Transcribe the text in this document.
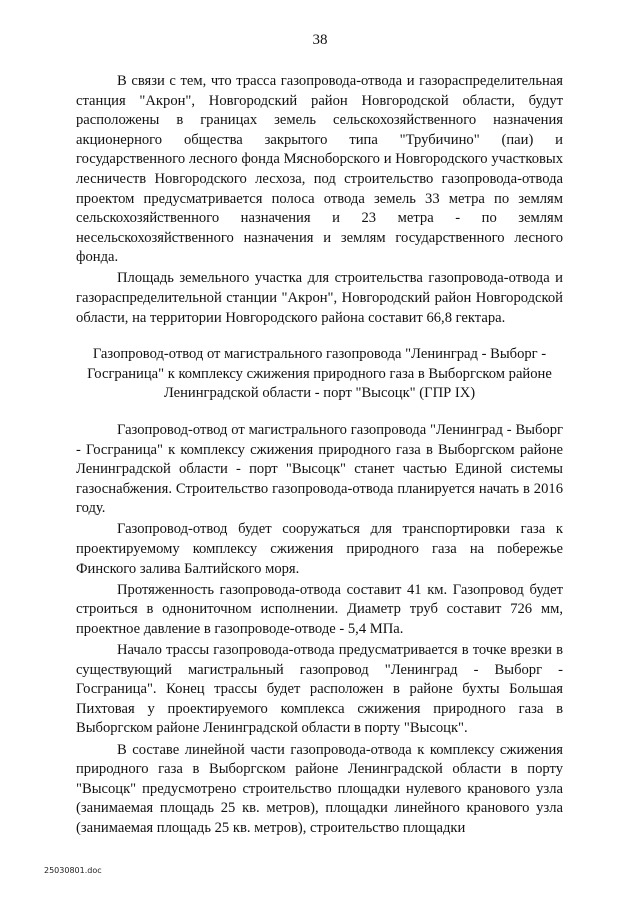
38

В связи с тем, что трасса газопровода-отвода и газораспределительная станция "Акрон", Новгородский район Новгородской области, будут расположены в границах земель сельскохозяйственного назначения акционерного общества закрытого типа "Трубичино" (паи) и государственного лесного фонда Мясноборского и Новгородского участковых лесничеств Новгородского лесхоза, под строительство газопровода-отвода проектом предусматривается полоса отвода земель 33 метра по землям сельскохозяйственного назначения и 23 метра - по землям несельскохозяйственного назначения и землям государственного лесного фонда.

Площадь земельного участка для строительства газопровода-отвода и газораспределительной станции "Акрон", Новгородский район Новгородской области, на территории Новгородского района составит 66,8 гектара.

Газопровод-отвод от магистрального газопровода "Ленинград - Выборг - Госграница" к комплексу сжижения природного газа в Выборгском районе Ленинградской области - порт "Высоцк" (ГПР IX)

Газопровод-отвод от магистрального газопровода "Ленинград - Выборг - Госграница" к комплексу сжижения природного газа в Выборгском районе Ленинградской области - порт "Высоцк" станет частью Единой системы газоснабжения. Строительство газопровода-отвода планируется начать в 2016 году.

Газопровод-отвод будет сооружаться для транспортировки газа к проектируемому комплексу сжижения природного газа на побережье Финского залива Балтийского моря.

Протяженность газопровода-отвода составит 41 км. Газопровод будет строиться в однониточном исполнении. Диаметр труб составит 726 мм, проектное давление в газопроводе-отводе - 5,4 МПа.

Начало трассы газопровода-отвода предусматривается в точке врезки в существующий магистральный газопровод "Ленинград - Выборг - Госграница". Конец трассы будет расположен в районе бухты Большая Пихтовая у проектируемого комплекса сжижения природного газа в Выборгском районе Ленинградской области в порту "Высоцк".

В составе линейной части газопровода-отвода к комплексу сжижения природного газа в Выборгском районе Ленинградской области в порту "Высоцк" предусмотрено строительство площадки нулевого кранового узла (занимаемая площадь 25 кв. метров), площадки линейного кранового узла (занимаемая площадь 25 кв. метров), строительство площадки

25030801.doc
